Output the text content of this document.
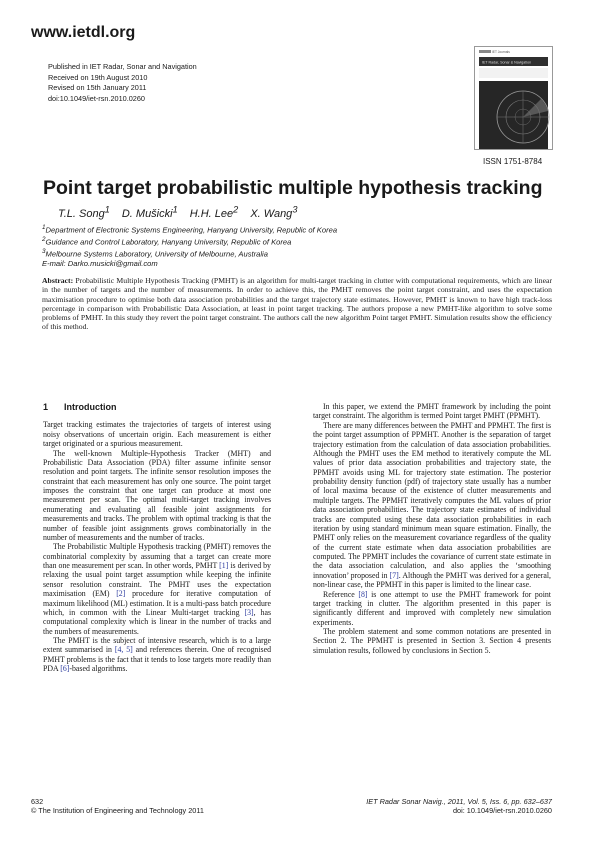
www.ietdl.org
Published in IET Radar, Sonar and Navigation
Received on 19th August 2010
Revised on 15th January 2011
doi:10.1049/iet-rsn.2010.0260
IET Journals
IET Radar, Sonar & Navigation
ISSN 1751-8784
Point target probabilistic multiple hypothesis tracking
T.L. Song$^1$ D. Mušicki$^1$ H.H. Lee$^2$ X. Wang$^3$
$^1$Department of Electronic Systems Engineering, Hanyang University, Republic of Korea
$^2$Guidance and Control Laboratory, Hanyang University, Republic of Korea
$^3$Melbourne Systems Laboratory, University of Melbourne, Australia
E-mail: Darko.musicki@gmail.com
Abstract: Probabilistic Multiple Hypothesis Tracking (PMHT) is an algorithm for multi-target tracking in clutter with computational requirements, which are linear in the number of targets and the number of measurements. In order to achieve this, the PMHT removes the point target constraint, and uses the expectation maximisation procedure to optimise both data association probabilities and the target trajectory state estimates. However, PMHT is known to have high track-loss percentage in comparison with Probabilistic Data Association, at least in point target tracking. The authors propose a new PMHT-like algorithm to solve some problems of PMHT. In this study they revert the point target constraint. The authors call the new algorithm Point target PMHT. Simulation results show the efficiency of this method.
1 Introduction

Target tracking estimates the trajectories of targets of interest using noisy observations of uncertain origin. Each measurement is either target originated or a spurious measurement.

The well-known Multiple-Hypothesis Tracker (MHT) and Probabilistic Data Association (PDA) filter assume infinite sensor resolution and point targets. The infinite sensor resolution imposes the constraint that each measurement has only one source. The point target imposes the constraint that one target can produce at most one measurement per scan. The optimal multi-target tracking involves enumerating and evaluating all feasible joint assignments for measurements and tracks. The problem with optimal tracking is that the number of feasible joint assignments grows combinatorially in the number of measurements and the number of tracks.

The Probabilistic Multiple Hypothesis tracking (PMHT) removes the combinatorial complexity by assuming that a target can create more than one measurement per scan. In other words, PMHT [1] is derived by relaxing the usual point target assumption while keeping the infinite sensor resolution constraint. The PMHT uses the expectation maximisation (EM) [2] procedure for iterative computation of maximum likelihood (ML) estimation. It is a multi-pass batch procedure which, in common with the Linear Multi-target tracking [3], has computational complexity which is linear in the number of tracks and the numbers of measurements.

The PMHT is the subject of intensive research, which is to a large extent summarised in [4, 5] and references therein. One of recognised PMHT problems is the fact that it tends to lose targets more readily than PDA [6]-based algorithms.

In this paper, we extend the PMHT framework by including the point target constraint. The algorithm is termed Point target PMHT (PPMHT).

There are many differences between the PMHT and PPMHT. The first is the point target assumption of PPMHT. Another is the separation of target trajectory estimation from the calculation of data association probabilities. Although the PMHT uses the EM method to iteratively compute the ML values of prior data association probabilities and trajectory state, the PPMHT avoids using ML for trajectory state estimation. The posterior probability density function (pdf) of trajectory state usually has a number of local maxima because of the existence of clutter measurements and multiple targets. The PPMHT iteratively computes the ML values of prior data association probabilities. The trajectory state estimates of individual tracks are computed using these data association probabilities in each iteration by using standard minimum mean square estimation. Finally, the PMHT only relies on the measurement covariance regardless of the quality of the current state estimate when data association probabilities are computed. The PPMHT includes the covariance of current state estimate in the data association calculation, and also applies the ‘smoothing innovation’ proposed in [7]. Although the PMHT was derived for a general, non-linear case, the PPMHT in this paper is limited to the linear case.

Reference [8] is one attempt to use the PMHT framework for point target tracking in clutter. The algorithm presented in this paper is significantly different and improved with completely new simulation experiments.

The problem statement and some common notations are presented in Section 2. The PPMHT is presented in Section 3. Section 4 presents simulation results, followed by conclusions in Section 5.

632
© The Institution of Engineering and Technology 2011
IET Radar Sonar Navig., 2011, Vol. 5, Iss. 6, pp. 632–637
doi: 10.1049/iet-rsn.2010.0260
